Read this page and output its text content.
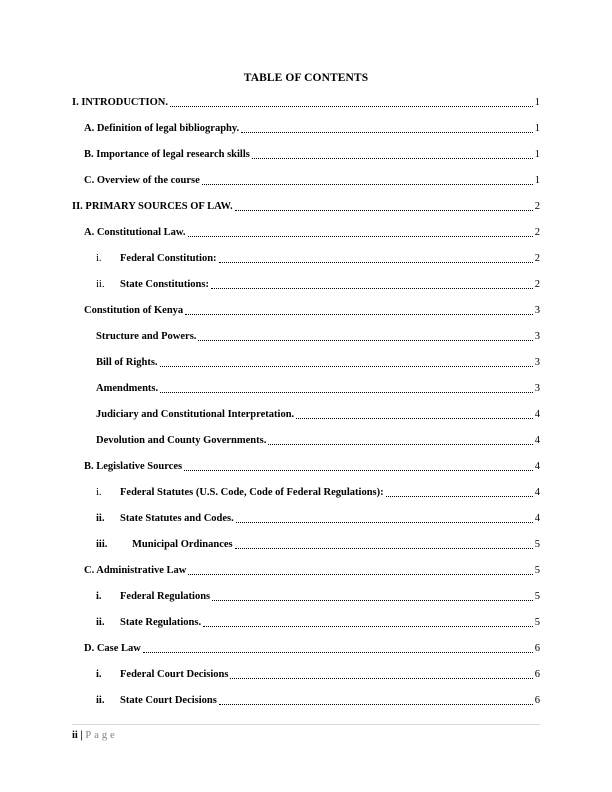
TABLE OF CONTENTS
I. INTRODUCTION.	1
A. Definition of legal bibliography.	1
B. Importance of legal research skills	1
C. Overview of the course	1
II. PRIMARY SOURCES OF LAW.	2
A. Constitutional Law.	2
i.	Federal Constitution:	2
ii.	State Constitutions:	2
Constitution of Kenya	3
Structure and Powers.	3
Bill of Rights.	3
Amendments.	3
Judiciary and Constitutional Interpretation.	4
Devolution and County Governments.	4
B. Legislative Sources	4
i.	Federal Statutes (U.S. Code, Code of Federal Regulations):	4
ii.	State Statutes and Codes.	4
iii.	Municipal Ordinances	5
C. Administrative Law	5
i.	Federal Regulations	5
ii.	State Regulations.	5
D. Case Law	6
i.	Federal Court Decisions	6
ii.	State Court Decisions	6
ii | Page
